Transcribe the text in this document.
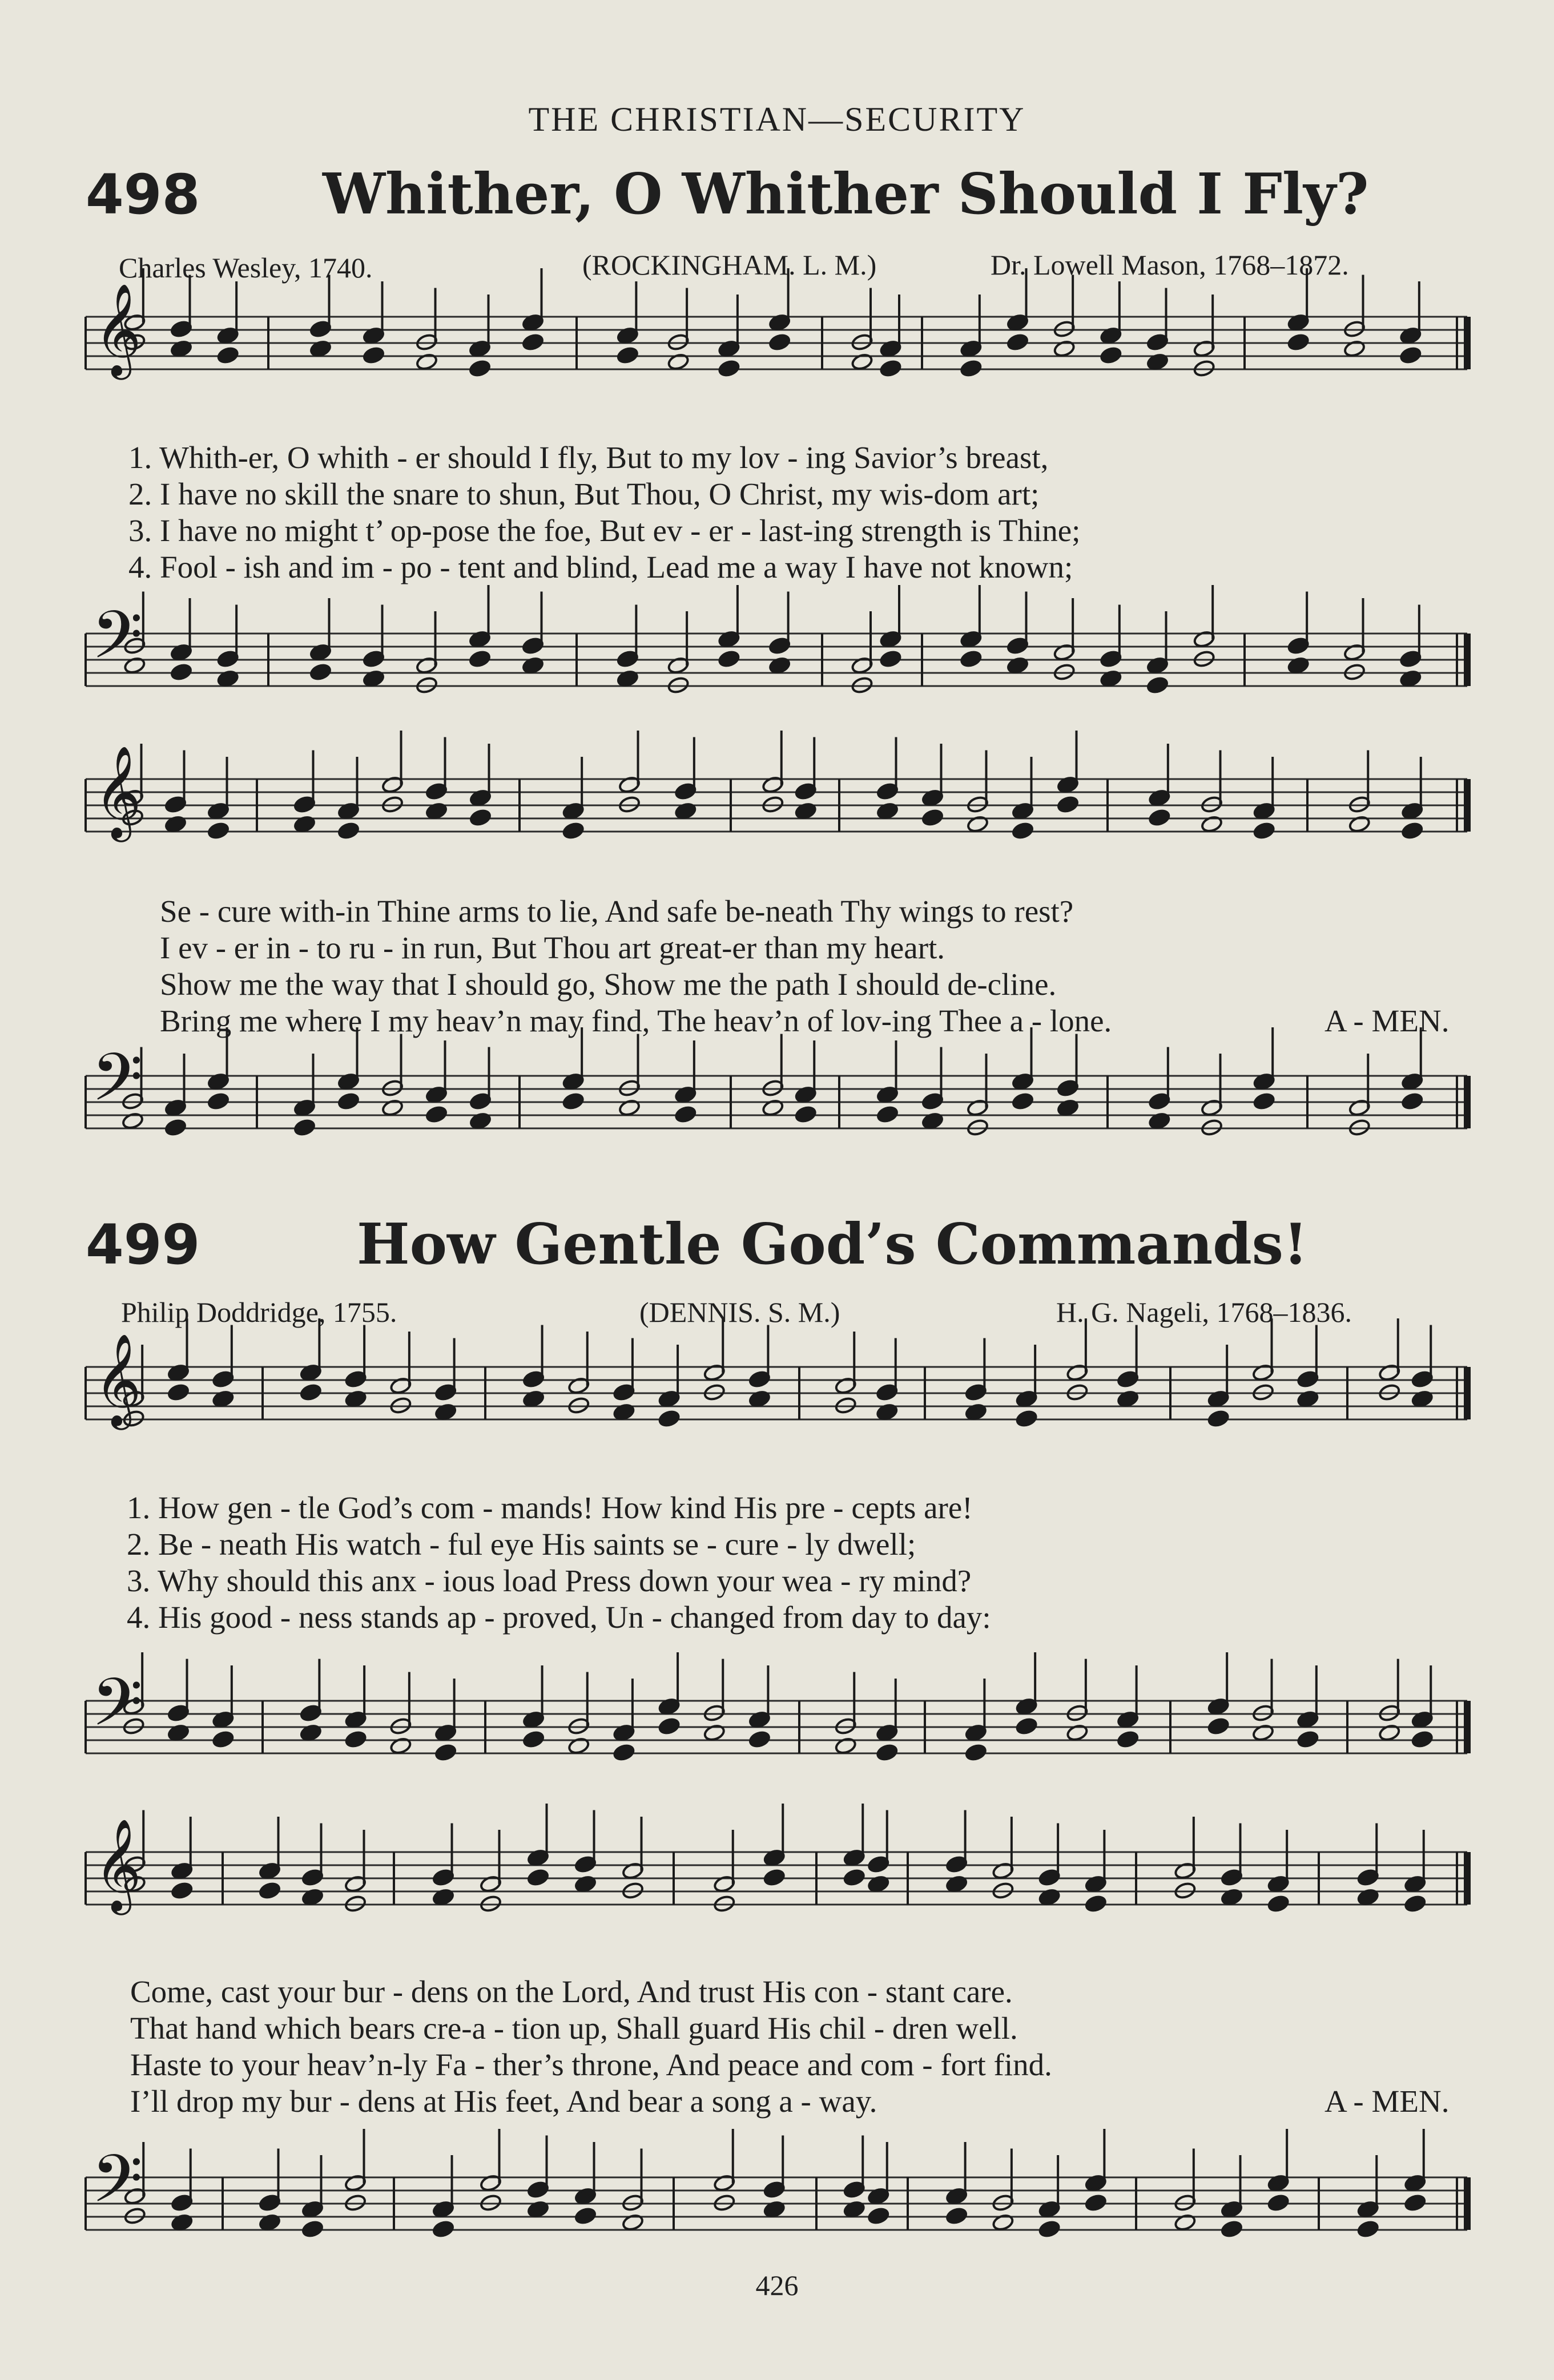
THE CHRISTIAN—SECURITY
498 Whither, O Whither Should I Fly?
Charles Wesley, 1740.	(ROCKINGHAM. L. M.)	Dr. Lowell Mason, 1768–1872.
1. Whith-er, O whith - er should I fly, But to my lov - ing Savior’s breast,
2. I have no skill the snare to shun, But Thou, O Christ, my wis-dom art;
3. I have no might t’ op-pose the foe, But ev - er - last-ing strength is Thine;
4. Fool - ish and im - po - tent and blind, Lead me a way I have not known;
Se - cure with-in Thine arms to lie, And safe be-neath Thy wings to rest?
I ev - er in - to ru - in run, But Thou art great-er than my heart.
Show me the way that I should go, Show me the path I should de-cline.
Bring me where I my heav’n may find, The heav’n of lov-ing Thee a - lone.	A - MEN.
499	How Gentle God’s Commands!
Philip Doddridge, 1755.	(DENNIS. S. M.)	H. G. Nageli, 1768–1836.
1. How gen - tle God’s com - mands! How kind His pre - cepts are!
2. Be - neath His watch - ful eye His saints se - cure - ly dwell;
3. Why should this anx - ious load Press down your wea - ry mind?
4. His good - ness stands ap - proved, Un - changed from day to day:
Come, cast your bur - dens on the Lord, And trust His con - stant care.
That hand which bears cre-a - tion up, Shall guard His chil - dren well.
Haste to your heav’n-ly Fa - ther’s throne, And peace and com - fort find.
I’ll drop my bur - dens at His feet, And bear a song a - way.	A - MEN.
426
𝄞
𝄢
𝄞
𝄢
𝄞
𝄢
𝄞
𝄢
